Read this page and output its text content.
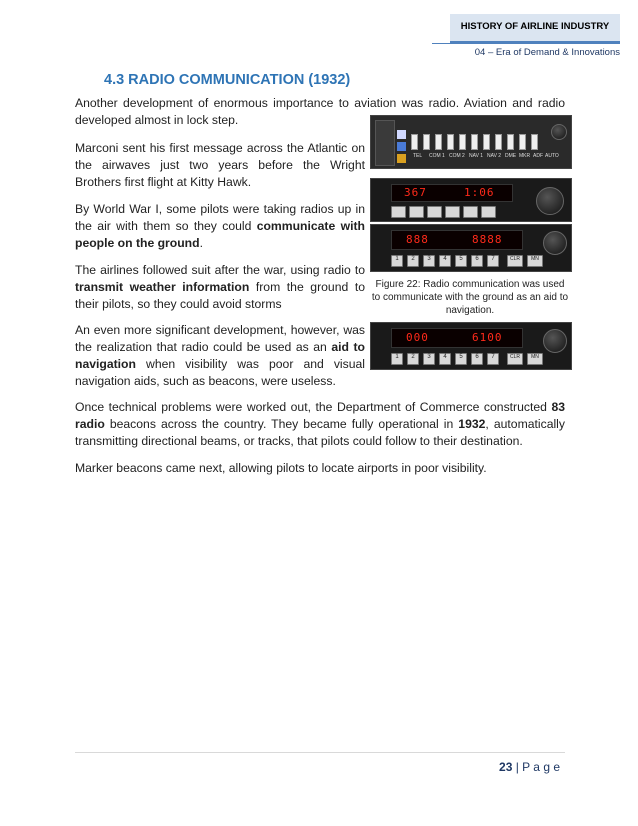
HISTORY OF AIRLINE INDUSTRY
04 – Era of Demand & Innovations
4.3 RADIO COMMUNICATION (1932)
Another development of enormous importance to aviation was radio. Aviation and radio developed almost in lock step.
Marconi sent his first message across the Atlantic on the airwaves just two years before the Wright Brothers first flight at Kitty Hawk.
By World War I, some pilots were taking radios up in the air with them so they could communicate with people on the ground.
The airlines followed suit after the war, using radio to transmit weather information from the ground to their pilots, so they could avoid storms
An even more significant development, however, was the realization that radio could be used as an aid to navigation when visibility was poor and visual navigation aids, such as beacons, were useless.
Once technical problems were worked out, the Department of Commerce constructed 83 radio beacons across the country. They became fully operational in 1932, automatically transmitting directional beams, or tracks, that pilots could follow to their destination.
Marker beacons came next, allowing pilots to locate airports in poor visibility.
TEL COM 1 COM 2 NAV 1 NAV 2 DME MKR ADF AUTO
367	1:06
888	8888
1	2	3	4	5	6	7	CLR	MN
Figure 22: Radio communication was used to communicate with the ground as an aid to navigation.
000	6100
1	2	3	4	5	6	7	CLR	MN
23 | P a g e
